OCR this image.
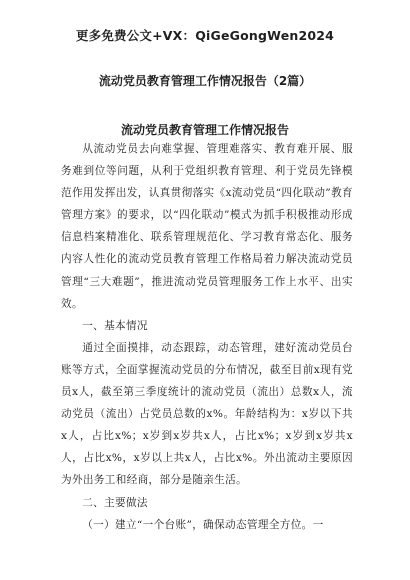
更多免费公文+VX：QiGeGongWen2024
流动党员教育管理工作情况报告（2篇）
流动党员教育管理工作情况报告

从流动党员去向难掌握、管理难落实、教育难开展、服务难到位等问题，从利于党组织教育管理、利于党员先锋模范作用发挥出发，认真贯彻落实《x流动党员“四化联动”教育管理方案》的要求，以“四化联动”模式为抓手积极推动形成信息档案精准化、联系管理规范化、学习教育常态化、服务内容人性化的流动党员教育管理工作格局着力解决流动党员管理“三大难题”，推进流动党员管理服务工作上水平、出实效。

一、基本情况

通过全面摸排，动态跟踪，动态管理，建好流动党员台账等方式，全面掌握流动党员的分布情况，截至目前x现有党员x人，截至第三季度统计的流动党员（流出）总数x人，流动党员（流出）占党员总数的x%。年龄结构为：x岁以下共x人，占比x%；x岁到x岁共x人，占比x%；x岁到x岁共x人，占比x%，x岁以上共x人，占比x%。外出流动主要原因为外出务工和经商，部分是随亲生活。

二、主要做法

（一）建立“一个台账”，确保动态管理全方位。一
